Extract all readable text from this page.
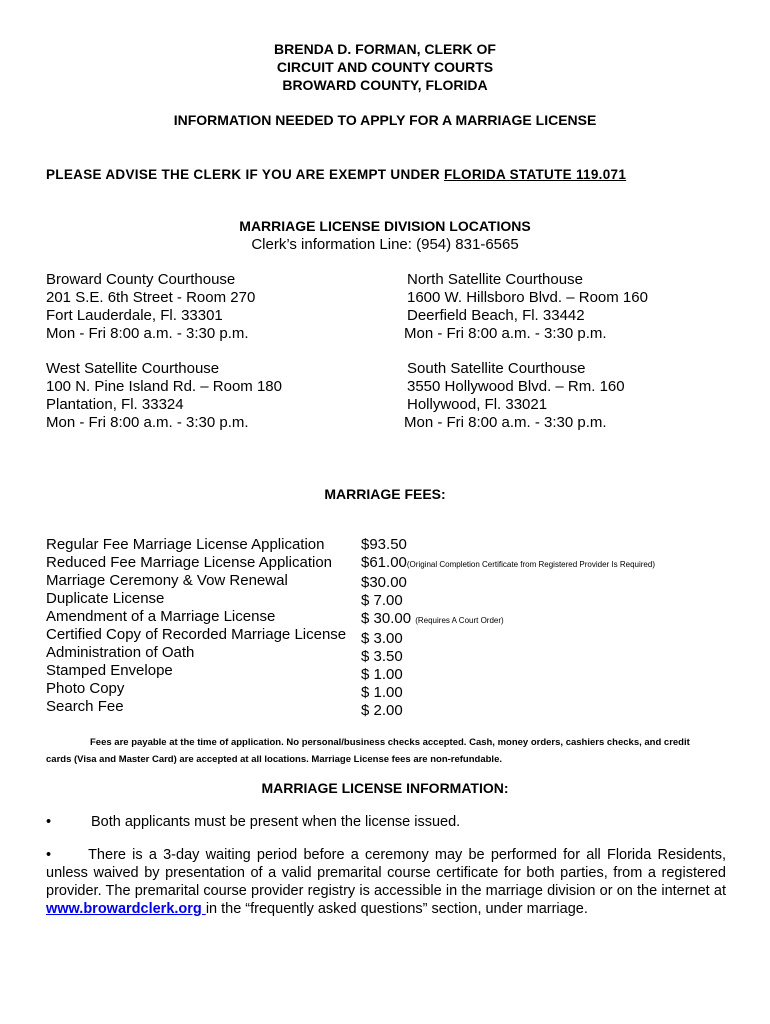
BRENDA D. FORMAN, CLERK OF
CIRCUIT AND COUNTY COURTS
BROWARD COUNTY, FLORIDA
INFORMATION NEEDED TO APPLY FOR A MARRIAGE LICENSE
PLEASE ADVISE THE CLERK IF YOU ARE EXEMPT UNDER FLORIDA STATUTE 119.071
MARRIAGE LICENSE DIVISION LOCATIONS
Clerk’s information Line: (954) 831-6565
Broward County Courthouse
201 S.E. 6th Street - Room 270
Fort Lauderdale, Fl. 33301
Mon - Fri 8:00 a.m. - 3:30 p.m.
North Satellite Courthouse
1600 W. Hillsboro Blvd. – Room 160
Deerfield Beach, Fl. 33442
Mon - Fri 8:00 a.m. - 3:30 p.m.
West Satellite Courthouse
100 N. Pine Island Rd. – Room 180
Plantation, Fl. 33324
Mon - Fri 8:00 a.m. - 3:30 p.m.
South Satellite Courthouse
3550 Hollywood Blvd. – Rm. 160
Hollywood, Fl. 33021
Mon - Fri 8:00 a.m. - 3:30 p.m.
MARRIAGE FEES:
Regular Fee Marriage License Application
Reduced Fee Marriage License Application
Marriage Ceremony & Vow Renewal
Duplicate License
Amendment of a Marriage License
Certified Copy of Recorded Marriage License
Administration of Oath
Stamped Envelope
Photo Copy
Search Fee
$93.50
$61.00(Original Completion Certificate from Registered Provider Is Required)
$30.00
$ 7.00
$ 30.00 (Requires A Court Order)
$ 3.00
$ 3.50
$ 1.00
$ 1.00
$ 2.00
Fees are payable at the time of application. No personal/business checks accepted. Cash, money orders, cashiers checks, and credit
cards (Visa and Master Card) are accepted at all locations. Marriage License fees are non-refundable.
MARRIAGE LICENSE INFORMATION:
•	Both applicants must be present when the license issued.
•	There is a 3-day waiting period before a ceremony may be performed for all Florida Residents, unless waived by presentation of a valid premarital course certificate for both parties, from a registered provider. The premarital course provider registry is accessible in the marriage division or on the internet at www.browardclerk.org in the “frequently asked questions” section, under marriage.
